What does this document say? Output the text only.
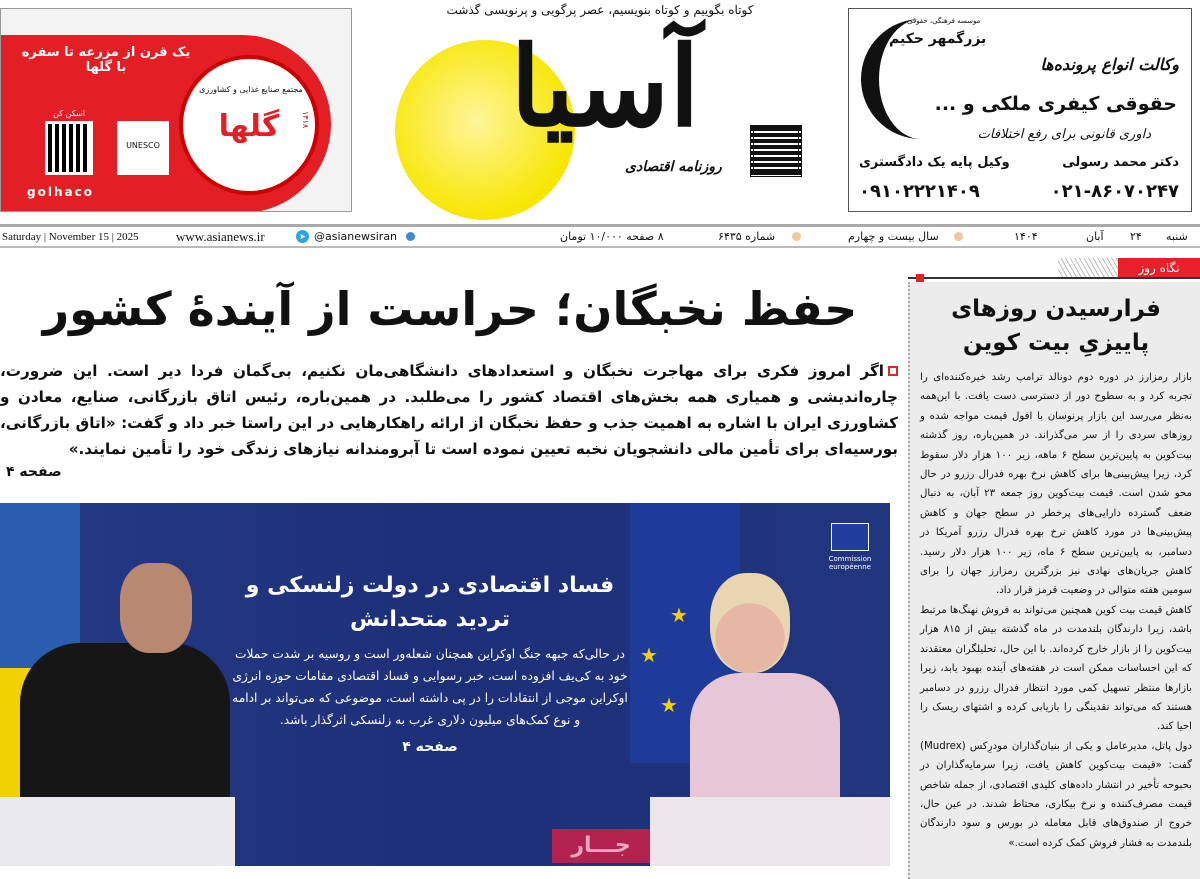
یک قرن از مزرعه تا سفره با گلها
مجتمع صنایع غذایی و کشاورزی
گلها	۱۳۱۸
اسکن کن
UNESCO
golhaco
موسسه فرهنگی، حقوقی
بزرگمهر حکیم
وکالت انواع پرونده‌ها
حقوقی کیفری ملکی و ...
داوری قانونی برای رفع اختلافات
دکتر محمد رسولی
وکیل پایه یک دادگستری
۰۲۱-۸۶۰۷۰۲۴۷
۰۹۱۰۲۲۲۱۴۰۹
آسیا
کوتاه بگوییم و کوتاه بنویسیم، عصر پرگویی و پرنویسی گذشت
روزنامه اقتصادی
Saturday | November 15 | 2025	www.asianews.ir	➤ @asianewsiran	۸ صفحه ۱۰/۰۰۰ تومان	شماره ۶۴۳۵	سال بیست و چهارم	۱۴۰۴	آبان ۲۴ شنبه
نگاه روز
فرارسیدن روزهای پاییزیِ بیت کوین

بازار رمزارز در دوره دوم دونالد ترامپ رشد خیره‌کننده‌ای را تجربه کرد و به سطوح دور از دسترسی دست یافت. با این‌همه به‌نظر می‌رسد این بازار پرنوسان با افول قیمت مواجه شده و روزهای سردی را از سر می‌گذراند. در همین‌باره، روز گذشته بیت‌کوین به پایین‌ترین سطح ۶ ماهه، زیر ۱۰۰ هزار دلار سقوط کرد، زیرا پیش‌بینی‌ها برای کاهش نرخ بهره فدرال رزرو در حال محو شدن است. قیمت بیت‌کوین روز جمعه ۲۳ آبان، به دنبال ضعف گسترده دارایی‌های پرخطر در سطح جهان و کاهش پیش‌بینی‌ها در مورد کاهش نرخ بهره فدرال رزرو آمریکا در دسامبر، به پایین‌ترین سطح ۶ ماه، زیر ۱۰۰ هزار دلار رسید. کاهش جریان‌های نهادی نیز بزرگترین رمزارز جهان را برای سومین هفته متوالی در وضعیت قرمز قرار داد.

کاهش قیمت بیت کوین همچنین می‌تواند به فروش نهنگ‌ها مرتبط باشد، زیرا دارندگان بلندمدت در ماه گذشته بیش از ۸۱۵ هزار بیت‌کوین را از بازار خارج کرده‌اند. با این حال، تحلیلگران معتقدند که این احساسات ممکن است در هفته‌های آینده بهبود یابد، زیرا بازارها منتظر تسهیل کمی مورد انتظار فدرال رزرو در دسامبر هستند که می‌تواند نقدینگی را بازیابی کرده و اشتهای ریسک را احیا کند.

دول پاتل، مدیرعامل و یکی از بنیان‌گذاران مودرِکس (Mudrex) گفت: «قیمت بیت‌کوین کاهش یافت، زیرا سرمایه‌گذاران در بحبوحه تأخیر در انتشار داده‌های کلیدی اقتصادی، از جمله شاخص قیمت مصرف‌کننده و نرخ بیکاری، محتاط شدند. در عین حال، خروج از صندوق‌های قابل معامله در بورس و سود دارندگان بلندمدت به فشار فروش کمک کرده است.»

حفظ نخبگان؛ حراست از آیندهٔ کشور
اگر امروز فکری برای مهاجرت نخبگان و استعدادهای دانشگاهی‌مان نکنیم، بی‌گمان فردا دیر است. این ضرورت، چاره‌اندیشی و همیاری همه بخش‌های اقتصاد کشور را می‌طلبد. در همین‌باره، رئیس اتاق بازرگانی، صنایع، معادن و کشاورزی ایران با اشاره به اهمیت جذب و حفظ نخبگان از ارائه راهکارهایی در این راستا خبر داد و گفت: «اتاق بازرگانی، بورسیه‌ای برای تأمین مالی دانشجویان نخبه تعیین نموده است تا آبرومندانه نیازهای زندگی خود را تأمین نمایند.»
صفحه ۴
★
★
★
Commission européenne
فساد اقتصادی در دولت زلنسکی و تردید متحدانش
در حالی‌که جبهه جنگ اوکراین همچنان شعله‌ور است و روسیه بر شدت حملات خود به کی‌یف افزوده است، خبر رسوایی و فساد اقتصادی مقامات حوزه انرژی اوکراین موجی از انتقادات را در پی داشته است، موضوعی که می‌تواند بر ادامه و نوع کمک‌های میلیون دلاری غرب به زلنسکی اثرگذار باشد.
صفحه ۴
جـــار
